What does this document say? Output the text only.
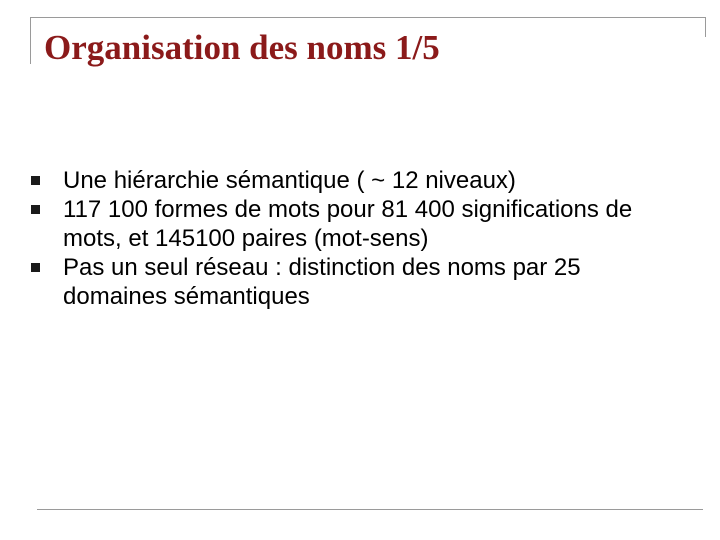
Organisation des noms 1/5
Une hiérarchie sémantique ( ~ 12 niveaux)
117 100 formes de mots pour 81 400 significations de mots, et 145100 paires (mot-sens)
Pas un seul réseau : distinction des noms par 25 domaines sémantiques
